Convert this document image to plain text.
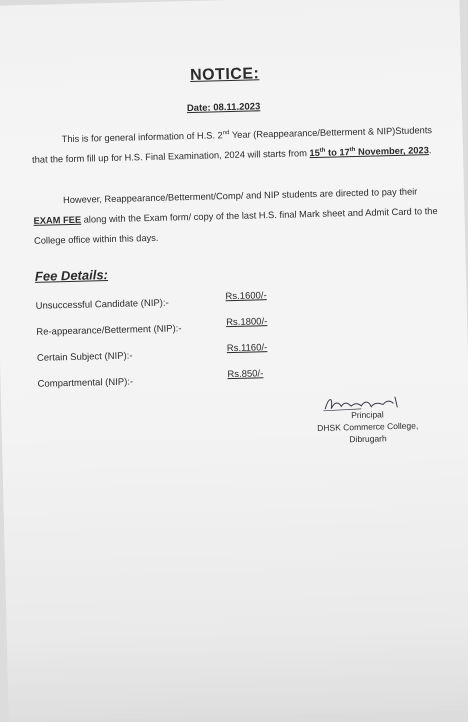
NOTICE:
Date: 08.11.2023
This is for general information of H.S. 2nd Year (Reappearance/Betterment & NIP)Students that the form fill up for H.S. Final Examination, 2024 will starts from 15th to 17th November, 2023.
However, Reappearance/Betterment/Comp/ and NIP students are directed to pay their EXAM FEE along with the Exam form/ copy of the last H.S. final Mark sheet and Admit Card to the College office within this days.
Fee Details:
Unsuccessful Candidate (NIP):-
Rs.1600/-
Re-appearance/Betterment (NIP):-
Rs.1800/-
Certain Subject (NIP):-
Rs.1160/-
Compartmental (NIP):-
Rs.850/-
Principal
DHSK Commerce College,
Dibrugarh
